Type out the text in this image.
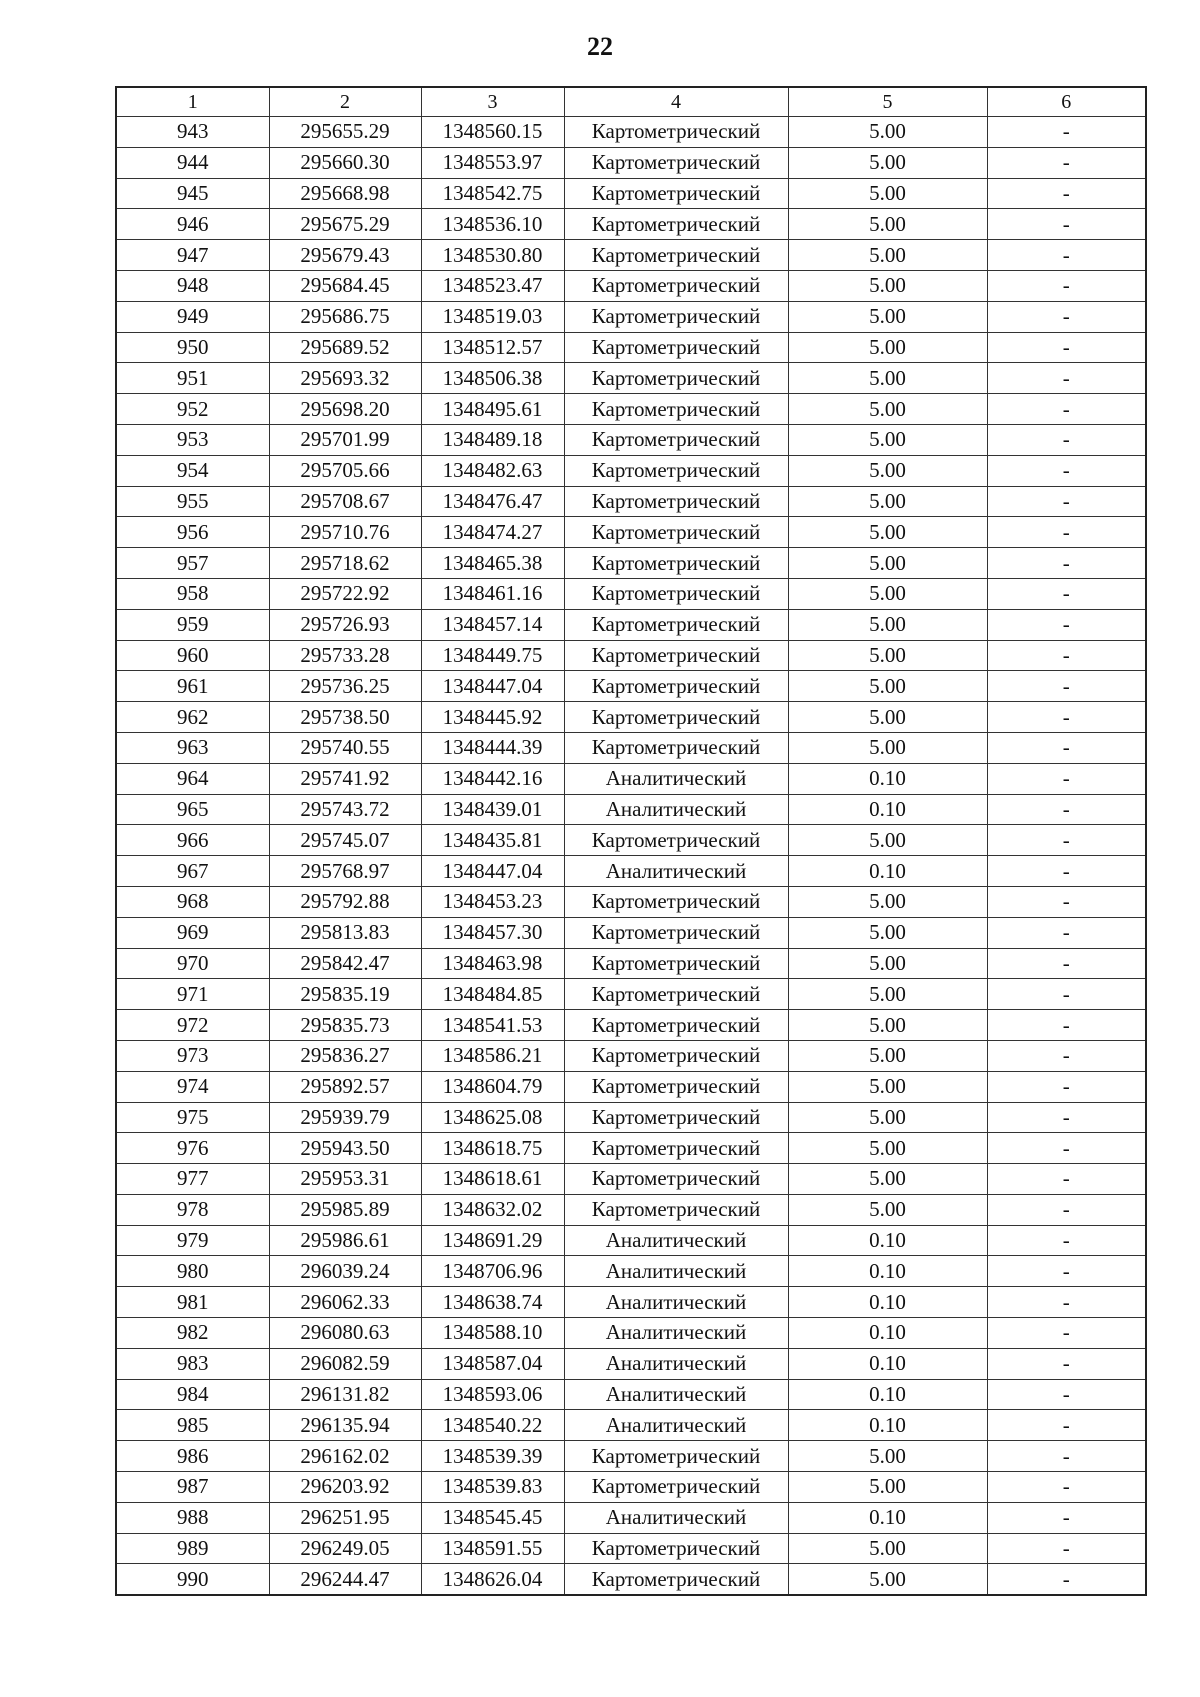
22
1	2	3	4	5	6
943	295655.29	1348560.15	Картометрический	5.00	-
944	295660.30	1348553.97	Картометрический	5.00	-
945	295668.98	1348542.75	Картометрический	5.00	-
946	295675.29	1348536.10	Картометрический	5.00	-
947	295679.43	1348530.80	Картометрический	5.00	-
948	295684.45	1348523.47	Картометрический	5.00	-
949	295686.75	1348519.03	Картометрический	5.00	-
950	295689.52	1348512.57	Картометрический	5.00	-
951	295693.32	1348506.38	Картометрический	5.00	-
952	295698.20	1348495.61	Картометрический	5.00	-
953	295701.99	1348489.18	Картометрический	5.00	-
954	295705.66	1348482.63	Картометрический	5.00	-
955	295708.67	1348476.47	Картометрический	5.00	-
956	295710.76	1348474.27	Картометрический	5.00	-
957	295718.62	1348465.38	Картометрический	5.00	-
958	295722.92	1348461.16	Картометрический	5.00	-
959	295726.93	1348457.14	Картометрический	5.00	-
960	295733.28	1348449.75	Картометрический	5.00	-
961	295736.25	1348447.04	Картометрический	5.00	-
962	295738.50	1348445.92	Картометрический	5.00	-
963	295740.55	1348444.39	Картометрический	5.00	-
964	295741.92	1348442.16	Аналитический	0.10	-
965	295743.72	1348439.01	Аналитический	0.10	-
966	295745.07	1348435.81	Картометрический	5.00	-
967	295768.97	1348447.04	Аналитический	0.10	-
968	295792.88	1348453.23	Картометрический	5.00	-
969	295813.83	1348457.30	Картометрический	5.00	-
970	295842.47	1348463.98	Картометрический	5.00	-
971	295835.19	1348484.85	Картометрический	5.00	-
972	295835.73	1348541.53	Картометрический	5.00	-
973	295836.27	1348586.21	Картометрический	5.00	-
974	295892.57	1348604.79	Картометрический	5.00	-
975	295939.79	1348625.08	Картометрический	5.00	-
976	295943.50	1348618.75	Картометрический	5.00	-
977	295953.31	1348618.61	Картометрический	5.00	-
978	295985.89	1348632.02	Картометрический	5.00	-
979	295986.61	1348691.29	Аналитический	0.10	-
980	296039.24	1348706.96	Аналитический	0.10	-
981	296062.33	1348638.74	Аналитический	0.10	-
982	296080.63	1348588.10	Аналитический	0.10	-
983	296082.59	1348587.04	Аналитический	0.10	-
984	296131.82	1348593.06	Аналитический	0.10	-
985	296135.94	1348540.22	Аналитический	0.10	-
986	296162.02	1348539.39	Картометрический	5.00	-
987	296203.92	1348539.83	Картометрический	5.00	-
988	296251.95	1348545.45	Аналитический	0.10	-
989	296249.05	1348591.55	Картометрический	5.00	-
990	296244.47	1348626.04	Картометрический	5.00	-
